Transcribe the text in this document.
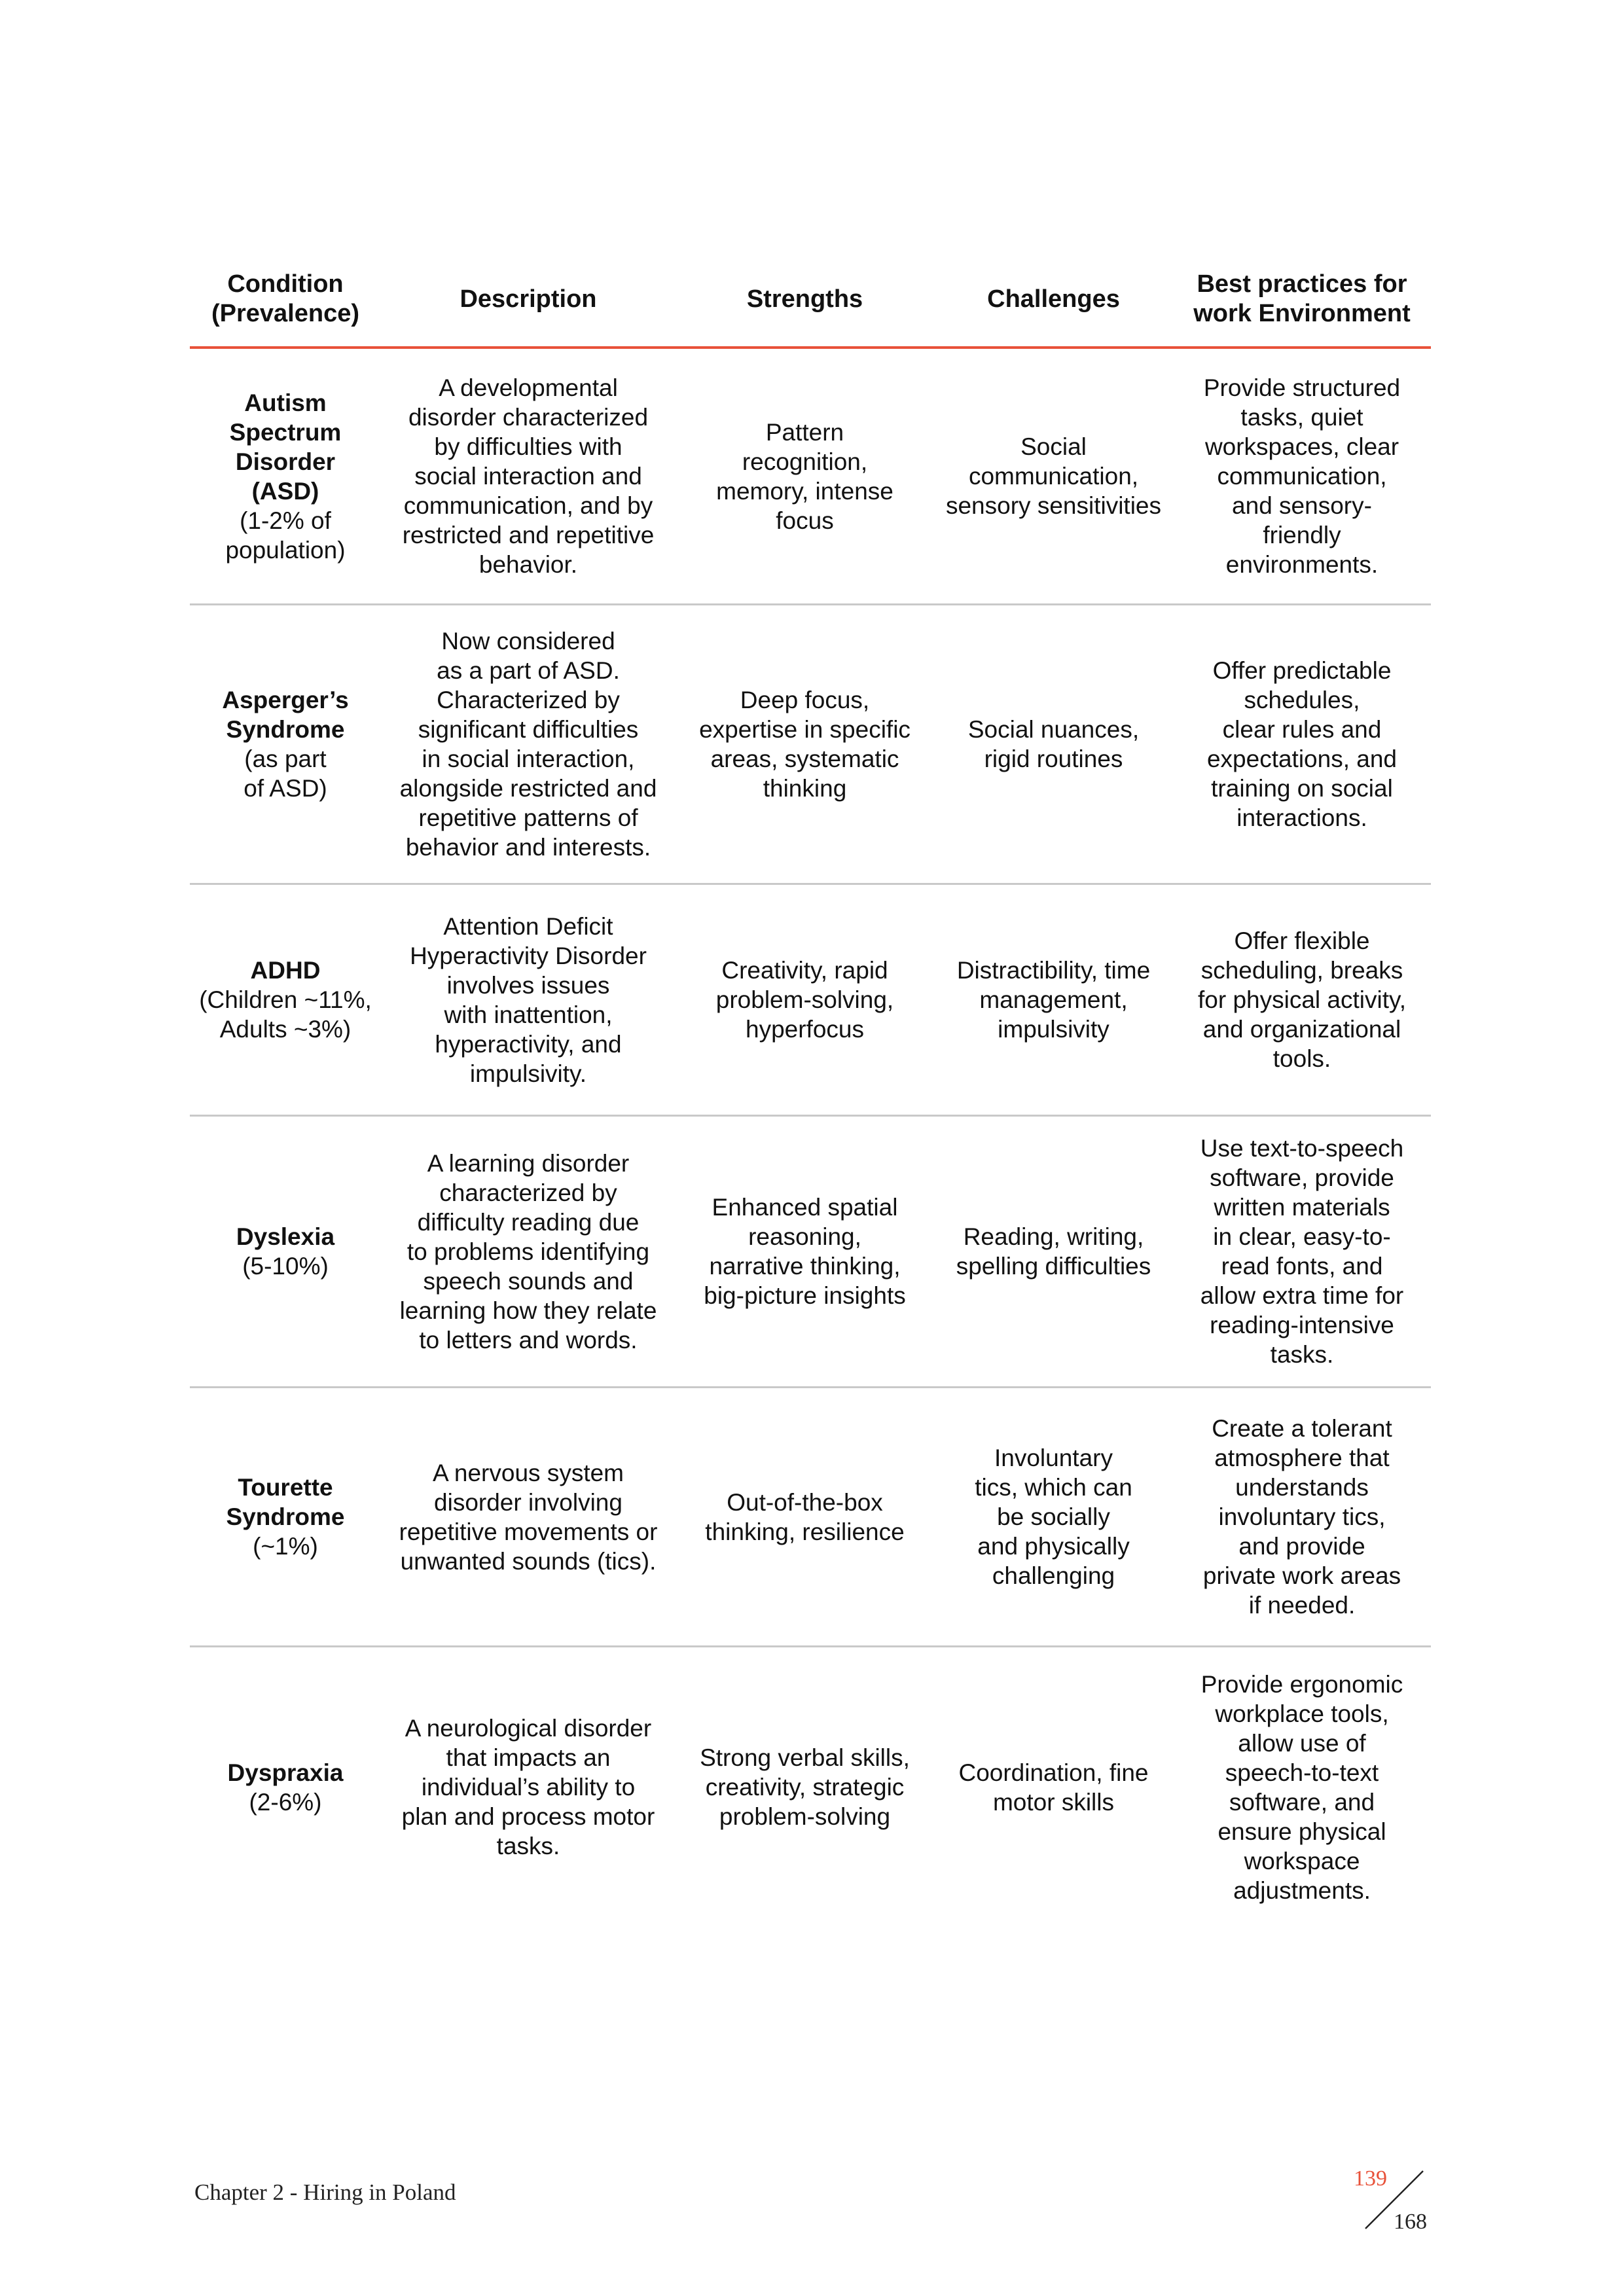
Condition
(Prevalence)
Description	Strengths	Challenges
Best practices for
work Environment
Autism
Spectrum
Disorder
(ASD)
(1-2% of
population)
A developmental
disorder characterized
by difficulties with
social interaction and
communication, and by
restricted and repetitive
behavior.
Pattern
recognition,
memory, intense
focus
Social
communication,
sensory sensitivities
Provide structured
tasks, quiet
workspaces, clear
communication,
and sensory-
friendly
environments.
Asperger’s
Syndrome
(as part
of ASD)
Now considered
as a part of ASD.
Characterized by
significant difficulties
in social interaction,
alongside restricted and
repetitive patterns of
behavior and interests.
Deep focus,
expertise in specific
areas, systematic
thinking
Social nuances,
rigid routines
Offer predictable
schedules,
clear rules and
expectations, and
training on social
interactions.
ADHD
(Children ~11%,
Adults ~3%)
Attention Deficit
Hyperactivity Disorder
involves issues
with inattention,
hyperactivity, and
impulsivity.
Creativity, rapid
problem-solving,
hyperfocus
Distractibility, time
management,
impulsivity
Offer flexible
scheduling, breaks
for physical activity,
and organizational
tools.
Dyslexia
(5-10%)
A learning disorder
characterized by
difficulty reading due
to problems identifying
speech sounds and
learning how they relate
to letters and words.
Enhanced spatial
reasoning,
narrative thinking,
big-picture insights
Reading, writing,
spelling difficulties
Use text-to-speech
software, provide
written materials
in clear, easy-to-
read fonts, and
allow extra time for
reading-intensive
tasks.
Tourette
Syndrome
(~1%)
A nervous system
disorder involving
repetitive movements or
unwanted sounds (tics).
Out-of-the-box
thinking, resilience
Involuntary
tics, which can
be socially
and physically
challenging
Create a tolerant
atmosphere that
understands
involuntary tics,
and provide
private work areas
if needed.
Dyspraxia
(2-6%)
A neurological disorder
that impacts an
individual’s ability to
plan and process motor
tasks.
Strong verbal skills,
creativity, strategic
problem-solving
Coordination, fine
motor skills
Provide ergonomic
workplace tools,
allow use of
speech-to-text
software, and
ensure physical
workspace
adjustments.
Chapter 2 - Hiring in Poland
139
168
